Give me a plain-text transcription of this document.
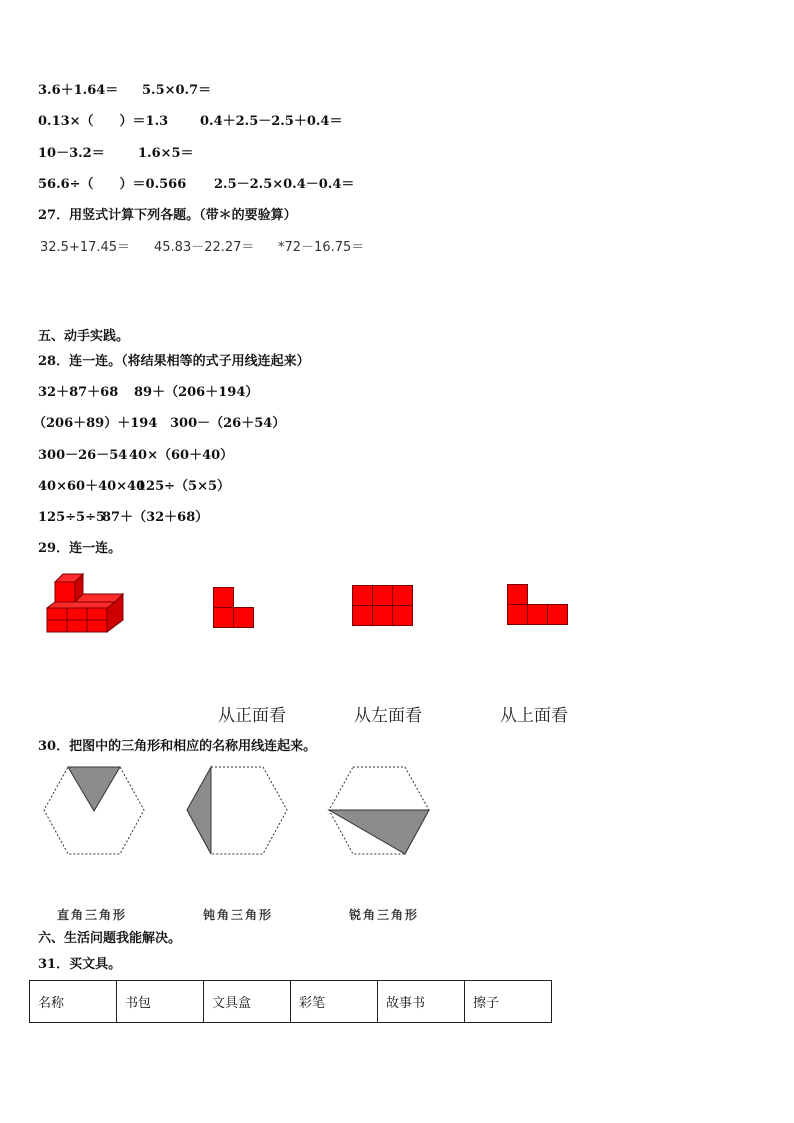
3.6＋1.64＝ 5.5×0.7＝
0.13×（　　）＝1.3 0.4＋2.5－2.5＋0.4＝
10－3.2＝	1.6×5＝
56.6÷（　　）＝0.566 2.5－2.5×0.4－0.4＝
27．用竖式计算下列各题。（带＊的要验算）
32.5+17.45＝ 45.83－22.27＝ *72－16.75＝
五、动手实践。
28．连一连。（将结果相等的式子用线连起来）
32＋87＋68 89＋（206＋194）
（206＋89）＋194 300－（26＋54）
300－26－54 40×（60＋40）
40×60＋40×40
125÷（5×5）
125÷5÷5
87＋（32＋68）
29．连一连。
从正面看	从左面看	从上面看
30．把图中的三角形和相应的名称用线连起来。
直角三角形	钝角三角形	锐角三角形
六、生活问题我能解决。
31．买文具。
名称	书包	文具盒	彩笔	故事书	擦子
